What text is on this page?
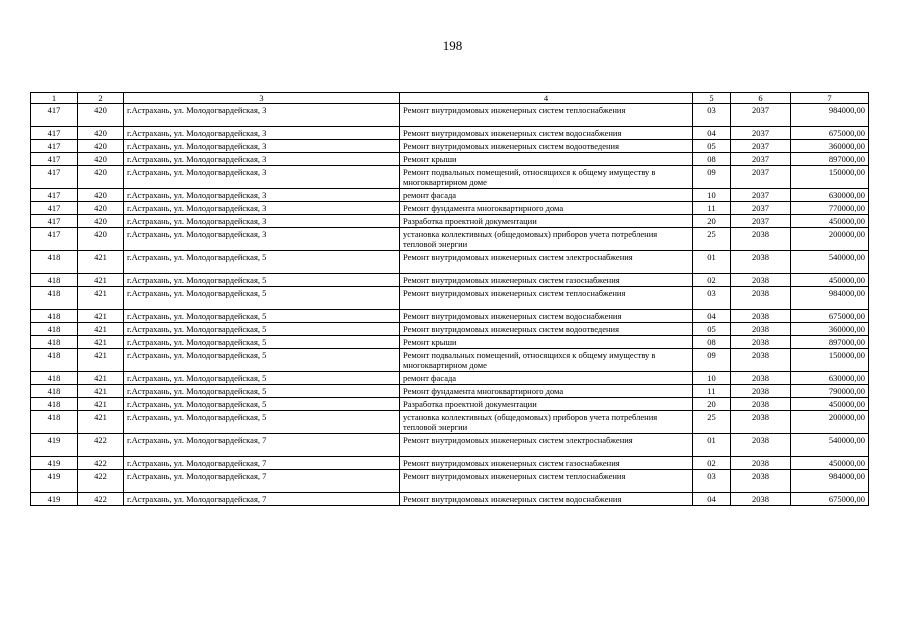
198
1	2	3	4	5	6	7
417	420	г.Астрахань, ул. Молодогвардейская, 3	Ремонт внутридомовых инженерных систем теплоснабжения	03	2037	984000,00
417	420	г.Астрахань, ул. Молодогвардейская, 3	Ремонт внутридомовых инженерных систем водоснабжения	04	2037	675000,00
417	420	г.Астрахань, ул. Молодогвардейская, 3	Ремонт внутридомовых инженерных систем водоотведения	05	2037	360000,00
417	420	г.Астрахань, ул. Молодогвардейская, 3	Ремонт крыши	08	2037	897000,00
417	420	г.Астрахань, ул. Молодогвардейская, 3	Ремонт подвальных помещений, относящихся к общему имуществу в многоквартирном доме	09	2037	150000,00
417	420	г.Астрахань, ул. Молодогвардейская, 3	ремонт фасада	10	2037	630000,00
417	420	г.Астрахань, ул. Молодогвардейская, 3	Ремонт фундамента многоквартирного дома	11	2037	770000,00
417	420	г.Астрахань, ул. Молодогвардейская, 3	Разработка проектной документации	20	2037	450000,00
417	420	г.Астрахань, ул. Молодогвардейская, 3	установка коллективных (общедомовых) приборов учета потребления тепловой энергии	25	2038	200000,00
418	421	г.Астрахань, ул. Молодогвардейская, 5	Ремонт внутридомовых инженерных систем электроснабжения	01	2038	540000,00
418	421	г.Астрахань, ул. Молодогвардейская, 5	Ремонт внутридомовых инженерных систем газоснабжения	02	2038	450000,00
418	421	г.Астрахань, ул. Молодогвардейская, 5	Ремонт внутридомовых инженерных систем теплоснабжения	03	2038	984000,00
418	421	г.Астрахань, ул. Молодогвардейская, 5	Ремонт внутридомовых инженерных систем водоснабжения	04	2038	675000,00
418	421	г.Астрахань, ул. Молодогвардейская, 5	Ремонт внутридомовых инженерных систем водоотведения	05	2038	360000,00
418	421	г.Астрахань, ул. Молодогвардейская, 5	Ремонт крыши	08	2038	897000,00
418	421	г.Астрахань, ул. Молодогвардейская, 5	Ремонт подвальных помещений, относящихся к общему имуществу в многоквартирном доме	09	2038	150000,00
418	421	г.Астрахань, ул. Молодогвардейская, 5	ремонт фасада	10	2038	630000,00
418	421	г.Астрахань, ул. Молодогвардейская, 5	Ремонт фундамента многоквартирного дома	11	2038	790000,00
418	421	г.Астрахань, ул. Молодогвардейская, 5	Разработка проектной документации	20	2038	450000,00
418	421	г.Астрахань, ул. Молодогвардейская, 5	установка коллективных (общедомовых) приборов учета потребления тепловой энергии	25	2038	200000,00
419	422	г.Астрахань, ул. Молодогвардейская, 7	Ремонт внутридомовых инженерных систем электроснабжения	01	2038	540000,00
419	422	г.Астрахань, ул. Молодогвардейская, 7	Ремонт внутридомовых инженерных систем газоснабжения	02	2038	450000,00
419	422	г.Астрахань, ул. Молодогвардейская, 7	Ремонт внутридомовых инженерных систем теплоснабжения	03	2038	984000,00
419	422	г.Астрахань, ул. Молодогвардейская, 7	Ремонт внутридомовых инженерных систем водоснабжения	04	2038	675000,00
